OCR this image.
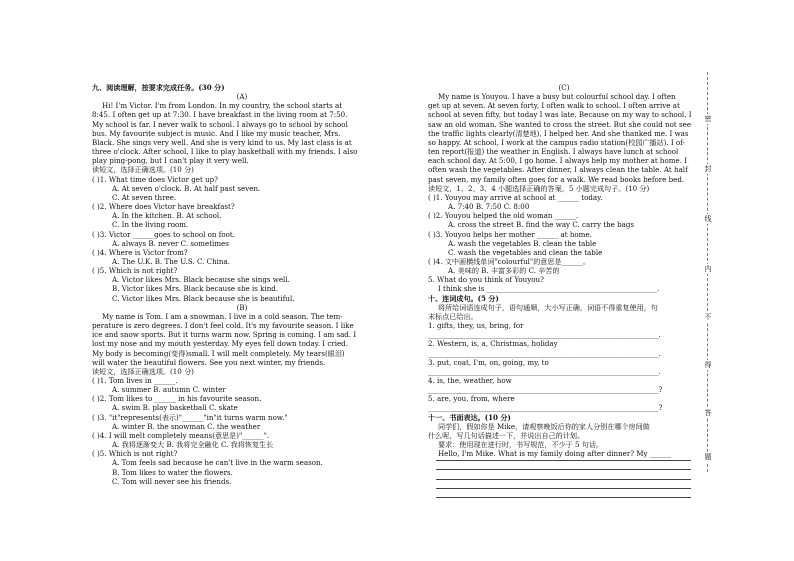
九、阅读理解，按要求完成任务。(30 分)
(A)
Hi! I'm Victor. I'm from London. In my country, the school starts at
8:45. I often get up at 7:30. I have breakfast in the living room at 7:50.
My school is far. I never walk to school. I always go to school by school
bus. My favourite subject is music. And I like my music teacher, Mrs.
Black. She sings very well. And she is very kind to us. My last class is at
three o'clock. After school, I like to play basketball with my friends. I also
play ping-pong, but I can't play it very well.
读短文，选择正确选项。(10 分)
( )1. What time does Victor get up?
A. At seven o'clock. B. At half past seven.
C. At seven three.
( )2. Where does Victor have breakfast?
A. In the kitchen. B. At school.
C. In the living room.
( )3. Victor ______goes to school on foot.
A. always B. never C. sometimes
( )4. Where is Victor from?
A. The U.K. B. The U.S. C. China.
( )5. Which is not right?
A. Victor likes Mrs. Black because she sings well.
B. Victor likes Mrs. Black because she is kind.
C. Victor likes Mrs. Black because she is beautiful.
(B)
My name is Tom. I am a snowman. I live in a cold season. The tem-
perature is zero degrees. I don't feel cold. It's my favourite season. I like
ice and snow sports. But it turns warm now. Spring is coming. I am sad. I
lost my nose and my mouth yesterday. My eyes fell down today. I cried.
My body is becoming(变得)small. I will melt completely. My tears(眼泪)
will water the beautiful flowers. See you next winter, my friends.
读短文，选择正确选项。(10 分)
( )1. Tom lives in ______.
A. summer B. autumn C. winter
( )2. Tom likes to ______ in his favourite season.
A. swim B. play basketball C. skate
( )3. "it"represents(表示)"______"in"it turns warm now."
A. winter B. the snowman C. the weather
( )4. I will melt completely means(意思是)"______".
A. 我将逐渐变大 B. 我将完全融化 C. 我将恢复生长
( )5. Which is not right?
A. Tom feels sad because he can't live in the warm season.
B. Tom likes to water the flowers.
C. Tom will never see his friends.
(C)
My name is Youyou. I have a busy but colourful school day. I often
get up at seven. At seven forty, I often walk to school. I often arrive at
school at seven fifty, but today I was late. Because on my way to school, I
saw an old woman. She wanted to cross the street. But she could not see
the traffic lights clearly(清楚地), I helped her. And she thanked me. I was
so happy. At school, I work at the campus radio station(校园广播站). I of-
ten report(报道) the weather in English. I always have lunch at school
each school day. At 5:00, I go home. I always help my mother at home. I
often wash the vegetables. After dinner, I always clean the table. At half
past seven, my family often goes for a walk. We read books before bed.
读短文，1、2、3、4 小题选择正确的答案，5 小题完成句子。(10 分)
( )1. Youyou may arrive at school at ______ today.
A. 7:40 B. 7:50 C. 8:00
( )2. Youyou helped the old woman ______.
A. cross the street B. find the way C. carry the bags
( )3. Youyou helps her mother ______ at home.
A. wash the vegetables B. clean the table
C. wash the vegetables and clean the table
( )4. 文中画横线单词"colourful"的意思是______。
A. 美味的 B. 丰富多彩的 C. 辛苦的
5. What do you think of Youyou?
I think she is ________________________________________________.
十、连词成句。(5 分)
将所给词语连成句子，语句通顺，大小写正确，词语不得重复使用，句
末标点已给出。
1. gifts, they, us, bring, for
_________________________________________________________________.
2. Western, is, a, Christmas, holiday
_________________________________________________________________.
3. put, coat, I'm, on, going, my, to
_________________________________________________________________.
4. is, the, weather, how
_________________________________________________________________?
5. are, you, from, where
_________________________________________________________________?
十一、书面表达。(10 分)
同学们，假如你是 Mike，请观察晚饭后你的家人分别在哪个房间做
什么呢，写几句话描述一下，并说出自己的计划。
要求：使用现在进行时，书写规范，不少于 5 句话。
Hello, I'm Mike. What is my family doing after dinner? My ______
密
封
线
内
不
得
答
题
